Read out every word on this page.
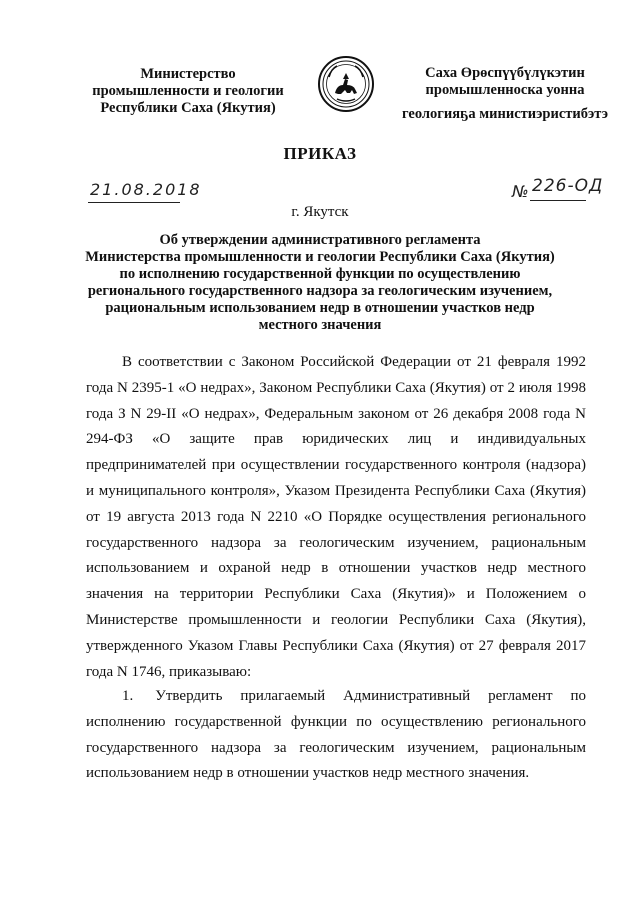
Министерство
промышленности и геологии
Республики Саха (Якутия)
Саха Өрөспүүбүлүкэтин
промышленноска уонна
геологияҕа министиэристибэтэ
ПРИКАЗ
21.08.2018	№ 226-ОД
г. Якутск
Об утверждении административного регламента
Министерства промышленности и геологии Республики Саха (Якутия)
по исполнению государственной функции по осуществлению
регионального государственного надзора за геологическим изучением,
рациональным использованием недр в отношении участков недр
местного значения

В соответствии с Законом Российской Федерации от 21 февраля 1992 года N 2395-1 «О недрах», Законом Республики Саха (Якутия) от 2 июля 1998 года З N 29-II «О недрах», Федеральным законом от 26 декабря 2008 года N 294-ФЗ «О защите прав юридических лиц и индивидуальных предпринимателей при осуществлении государственного контроля (надзора) и муниципального контроля», Указом Президента Республики Саха (Якутия) от 19 августа 2013 года N 2210 «О Порядке осуществления регионального государственного надзора за геологическим изучением, рациональным использованием и охраной недр в отношении участков недр местного значения на территории Республики Саха (Якутия)» и Положением о Министерстве промышленности и геологии Республики Саха (Якутия), утвержденного Указом Главы Республики Саха (Якутия) от 27 февраля 2017 года N 1746, приказываю:

1. Утвердить прилагаемый Административный регламент по исполнению государственной функции по осуществлению регионального государственного надзора за геологическим изучением, рациональным использованием недр в отношении участков недр местного значения.
